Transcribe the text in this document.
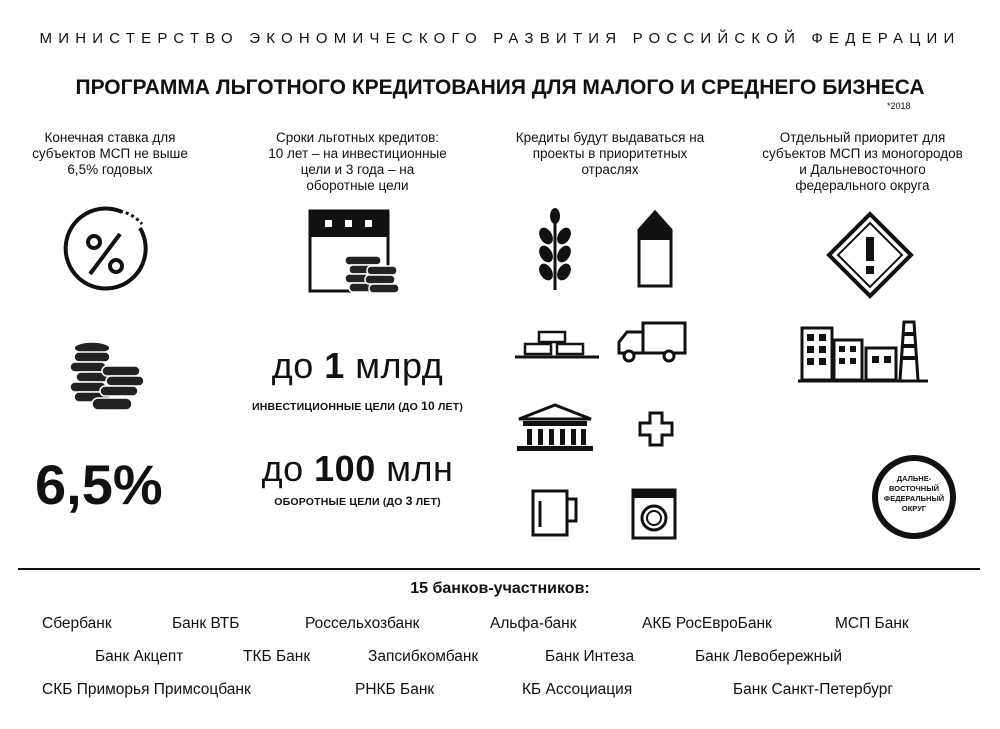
МИНИСТЕРСТВО ЭКОНОМИЧЕСКОГО РАЗВИТИЯ РОССИЙСКОЙ ФЕДЕРАЦИИ
ПРОГРАММА ЛЬГОТНОГО КРЕДИТОВАНИЯ ДЛЯ МАЛОГО И СРЕДНЕГО БИЗНЕСА
*2018
Конечная ставка для
субъектов МСП не выше
6,5% годовых
Сроки льготных кредитов:
10 лет – на инвестиционные
цели и 3 года – на
оборотные цели
Кредиты будут выдаваться на
проекты в приоритетных
отраслях
Отдельный приоритет для
субъектов МСП из моногородов
и Дальневосточного
федерального округа
6,5%
до 1 млрд
ИНВЕСТИЦИОННЫЕ ЦЕЛИ (ДО 10 ЛЕТ)
до 100 млн
ОБОРОТНЫЕ ЦЕЛИ (ДО 3 ЛЕТ)
ДАЛЬНЕ-
ВОСТОЧНЫЙ
ФЕДЕРАЛЬНЫЙ
ОКРУГ
15 банков-участников:
Сбербанк	Банк ВТБ	Россельхозбанк	Альфа-банк	АКБ РосЕвроБанк	МСП Банк
Банк Акцепт	ТКБ Банк	Запсибкомбанк	Банк Интеза	Банк Левобережный
СКБ Приморья Примсоцбанк	РНКБ Банк	КБ Ассоциация	Банк Санкт-Петербург
